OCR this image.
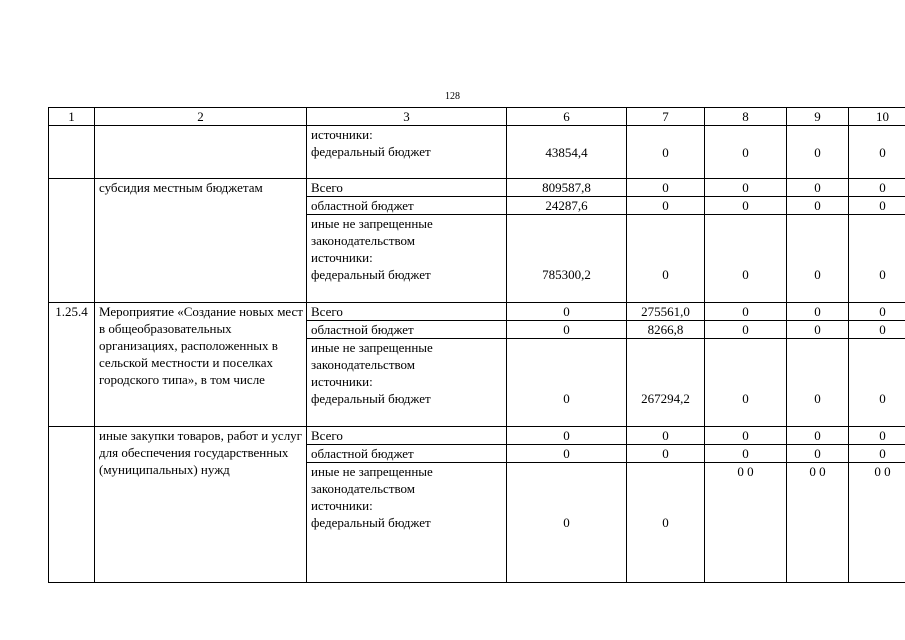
128
1	2	3	6	7	8	9	10

		источники:
федеральный бюджет	43854,4	0	0	0	0
	субсидия местным бюджетам	Всего	809587,8	0	0	0	0
		областной бюджет	24287,6	0	0	0	0

		иные не запрещенные
законодательством
источники:
федеральный бюджет	785300,2	0	0	0	0
1.25.4	Мероприятие «Создание новых мест в общеобразовательных организациях, расположенных в сельской местности и поселках городского типа», в том числе	Всего	0	275561,0	0	0	0
		областной бюджет	0	8266,8	0	0	0

		иные не запрещенные
законодательством
источники:
федеральный бюджет	0	267294,2	0	0	0
	иные закупки товаров, работ и услуг для обеспечения государственных (муниципальных) нужд	Всего	0	0	0	0	0
		областной бюджет	0	0	0	0	0

		иные не запрещенные
законодательством
источники:
федеральный бюджет	0	0	0 0	0 0	0 0
